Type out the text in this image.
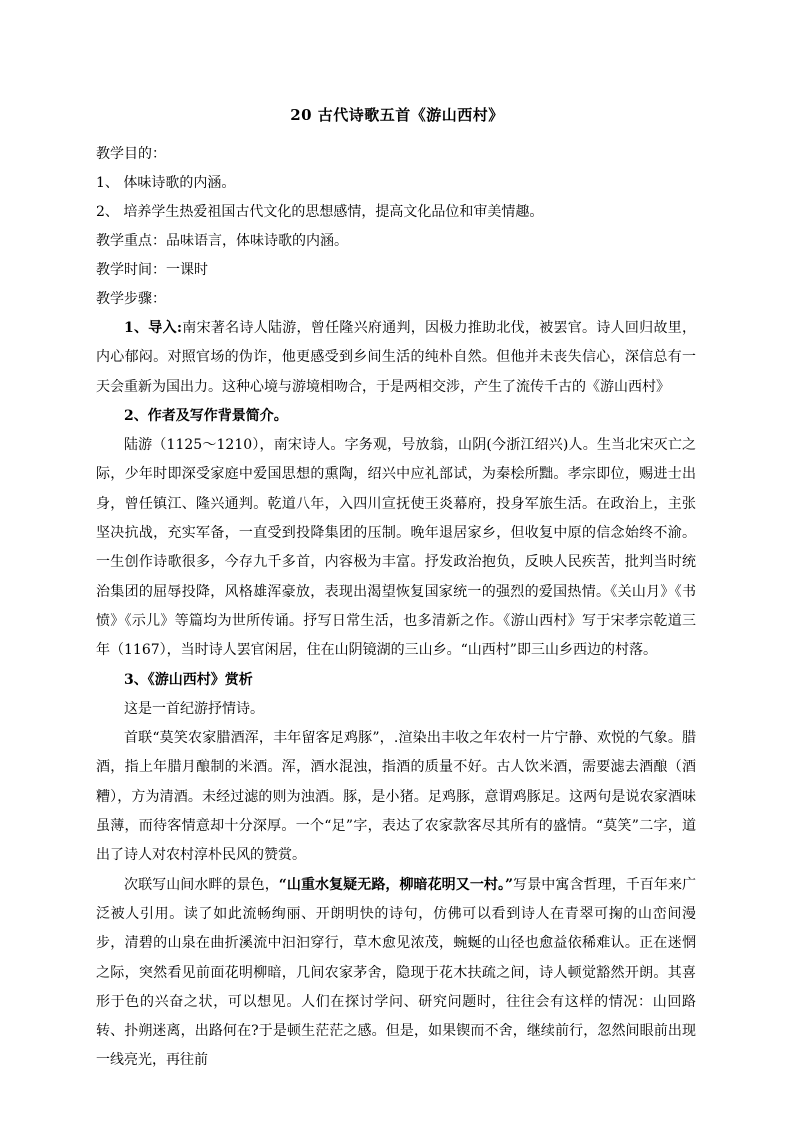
20 古代诗歌五首《游山西村》
教学目的：
1、 体味诗歌的内涵。
2、 培养学生热爱祖国古代文化的思想感情，提高文化品位和审美情趣。
教学重点：品味语言，体味诗歌的内涵。
教学时间：一课时
教学步骤：
1、导入:南宋著名诗人陆游，曾任隆兴府通判，因极力推助北伐，被罢官。诗人回归故里，内心郁闷。对照官场的伪诈，他更感受到乡间生活的纯朴自然。但他并未丧失信心，深信总有一天会重新为国出力。这种心境与游境相吻合，于是两相交涉，产生了流传千古的《游山西村》
2、作者及写作背景简介。
陆游（1125～1210），南宋诗人。字务观，号放翁，山阴(今浙江绍兴)人。生当北宋灭亡之际，少年时即深受家庭中爱国思想的熏陶，绍兴中应礼部试，为秦桧所黜。孝宗即位，赐进士出身，曾任镇江、隆兴通判。乾道八年，入四川宣抚使王炎幕府，投身军旅生活。在政治上，主张坚决抗战，充实军备，一直受到投降集团的压制。晚年退居家乡，但收复中原的信念始终不渝。一生创作诗歌很多，今存九千多首，内容极为丰富。抒发政治抱负，反映人民疾苦，批判当时统治集团的屈辱投降，风格雄浑豪放，表现出渴望恢复国家统一的强烈的爱国热情。《关山月》《书愤》《示儿》等篇均为世所传诵。抒写日常生活，也多清新之作。《游山西村》写于宋孝宗乾道三年（1167），当时诗人罢官闲居，住在山阴镜湖的三山乡。“山西村”即三山乡西边的村落。
3、《游山西村》赏析
这是一首纪游抒情诗。
首联“莫笑农家腊酒浑，丰年留客足鸡豚”，.渲染出丰收之年农村一片宁静、欢悦的气象。腊酒，指上年腊月酿制的米酒。浑，酒水混浊，指酒的质量不好。古人饮米酒，需要滤去酒酿（酒糟），方为清酒。未经过滤的则为浊酒。豚，是小猪。足鸡豚，意谓鸡豚足。这两句是说农家酒味虽薄，而待客情意却十分深厚。一个“足”字，表达了农家款客尽其所有的盛情。“莫笑”二字，道出了诗人对农村淳朴民风的赞赏。
次联写山间水畔的景色，“山重水复疑无路，柳暗花明又一村。”写景中寓含哲理，千百年来广泛被人引用。读了如此流畅绚丽、开朗明快的诗句，仿佛可以看到诗人在青翠可掬的山峦间漫步，清碧的山泉在曲折溪流中汩汩穿行，草木愈见浓茂，蜿蜒的山径也愈益依稀难认。正在迷惘之际，突然看见前面花明柳暗，几间农家茅舍，隐现于花木扶疏之间，诗人顿觉豁然开朗。其喜形于色的兴奋之状，可以想见。人们在探讨学问、研究问题时，往往会有这样的情况：山回路转、扑朔迷离，出路何在?于是顿生茫茫之感。但是，如果锲而不舍，继续前行，忽然间眼前出现一线亮光，再往前
